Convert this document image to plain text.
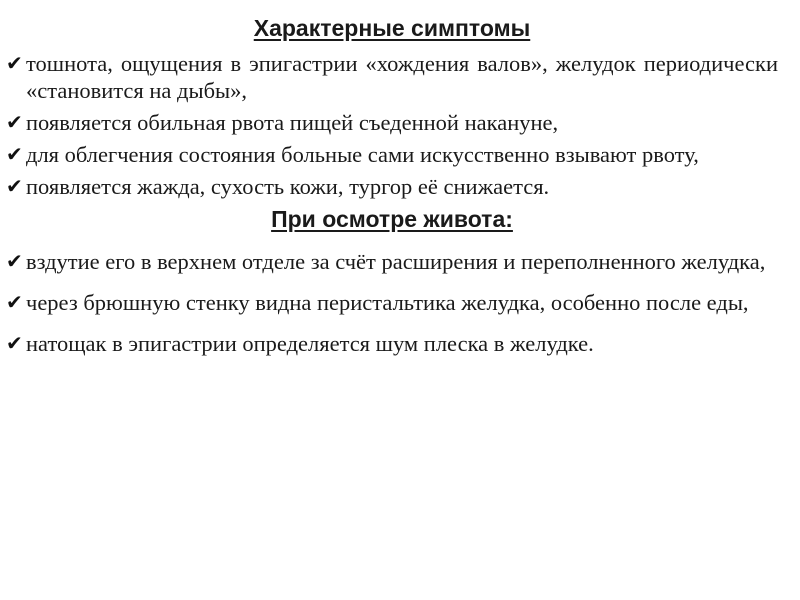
Характерные симптомы
✔ тошнота, ощущения в эпигастрии «хождения валов», желудок периодически «становится на дыбы»,
✔ появляется обильная рвота пищей съеденной накануне,
✔ для облегчения состояния больные сами искусственно взывают рвоту,
✔ появляется жажда, сухость кожи, тургор её снижается.
При осмотре живота:
✔ вздутие его в верхнем отделе за счёт расширения и переполненного желудка,
✔ через брюшную стенку видна перистальтика желудка, особенно после еды,
✔ натощак в эпигастрии определяется шум плеска в желудке.
